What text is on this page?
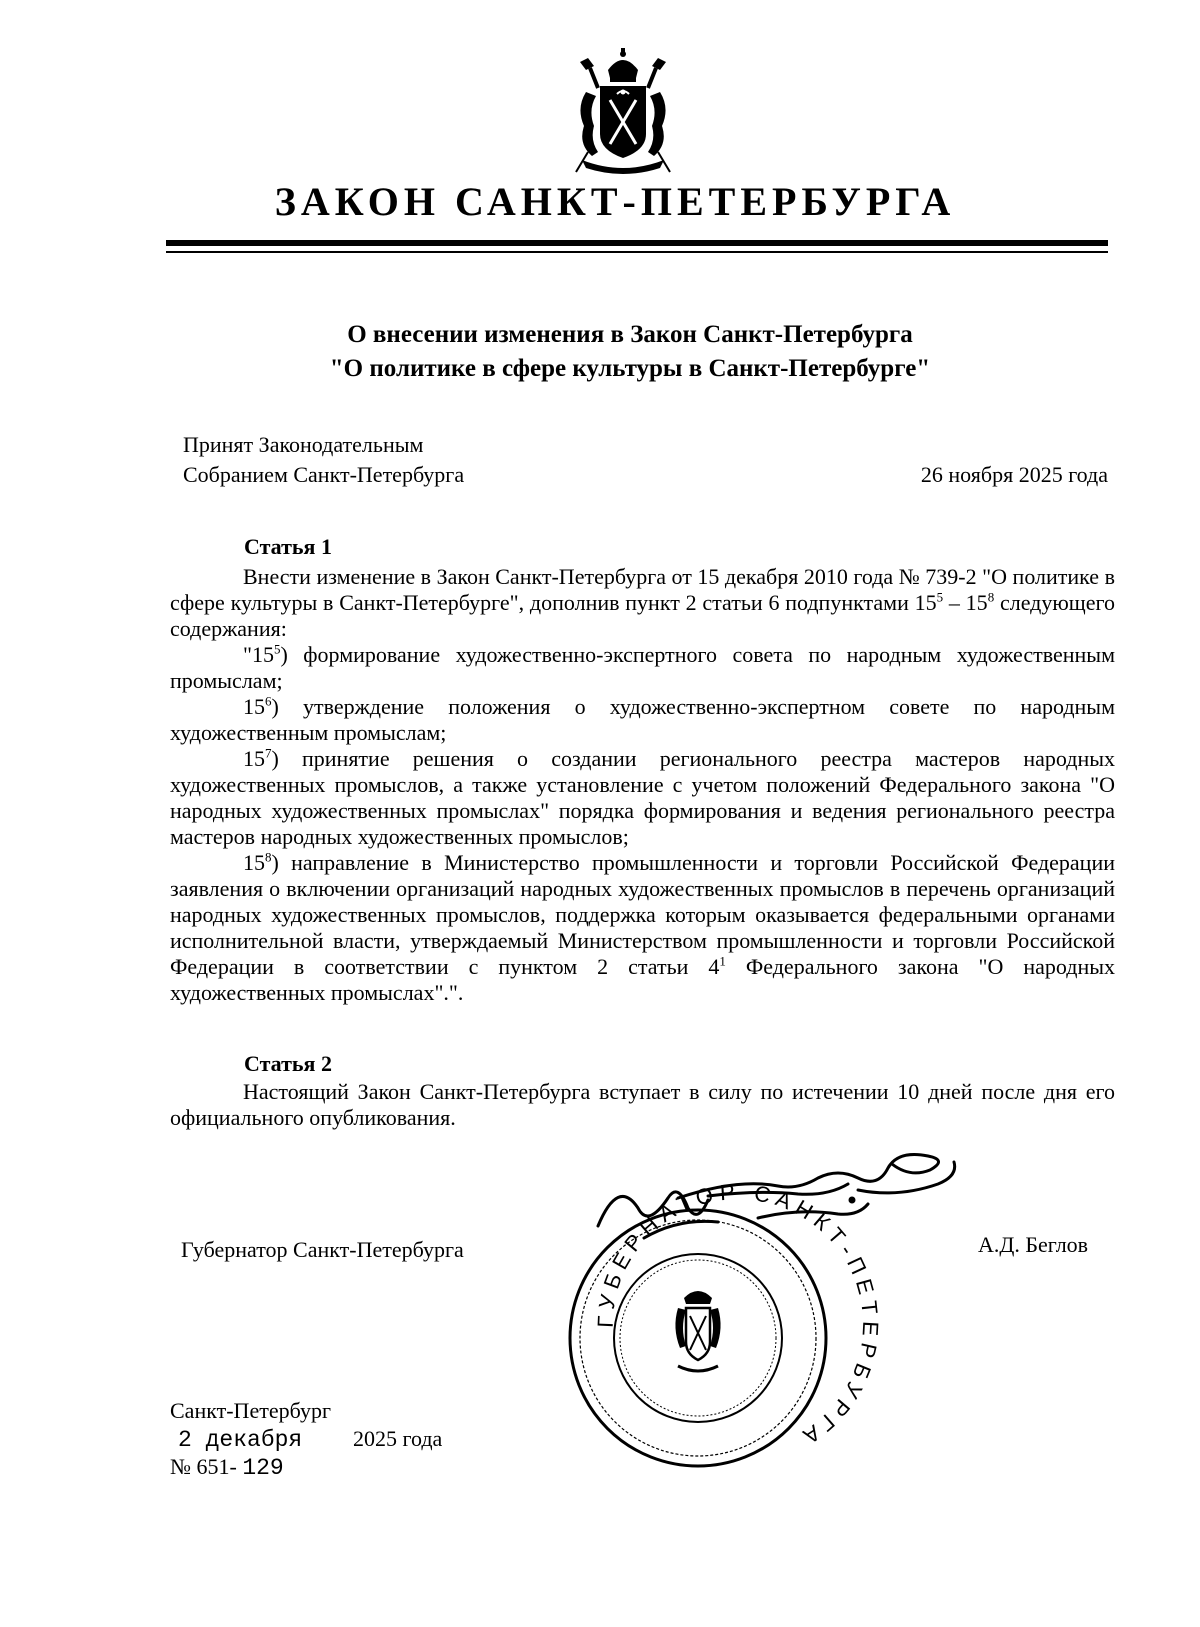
ЗАКОН САНКТ-ПЕТЕРБУРГА
О внесении изменения в Закон Санкт-Петербурга
"О политике в сфере культуры в Санкт-Петербурге"
Принят Законодательным
Собранием Санкт-Петербурга	26 ноября 2025 года
Статья 1

Внести изменение в Закон Санкт-Петербурга от 15 декабря 2010 года № 739-2 "О политике в сфере культуры в Санкт-Петербурге", дополнив пункт 2 статьи 6 подпунктами $15^5 - 15^8$ следующего содержания:

"$15^5$) формирование художественно-экспертного совета по народным художественным промыслам;

$15^6$) утверждение положения о художественно-экспертном совете по народным художественным промыслам;

$15^7$) принятие решения о создании регионального реестра мастеров народных художественных промыслов, а также установление с учетом положений Федерального закона "О народных художественных промыслах" порядка формирования и ведения регионального реестра мастеров народных художественных промыслов;

$15^8$) направление в Министерство промышленности и торговли Российской Федерации заявления о включении организаций народных художественных промыслов в перечень организаций народных художественных промыслов, поддержка которым оказывается федеральными органами исполнительной власти, утверждаемый Министерством промышленности и торговли Российской Федерации в соответствии с пунктом 2 статьи $4^1$ Федерального закона "О народных художественных промыслах".".

Статья 2

Настоящий Закон Санкт-Петербурга вступает в силу по истечении 10 дней после дня его официального опубликования.

Губернатор Санкт-Петербурга	А.Д. Беглов
ГУБЕРНАТОР САНКТ-ПЕТЕРБУРГА
Санкт-Петербург
2 декабря 2025 года
№ 651- 129
